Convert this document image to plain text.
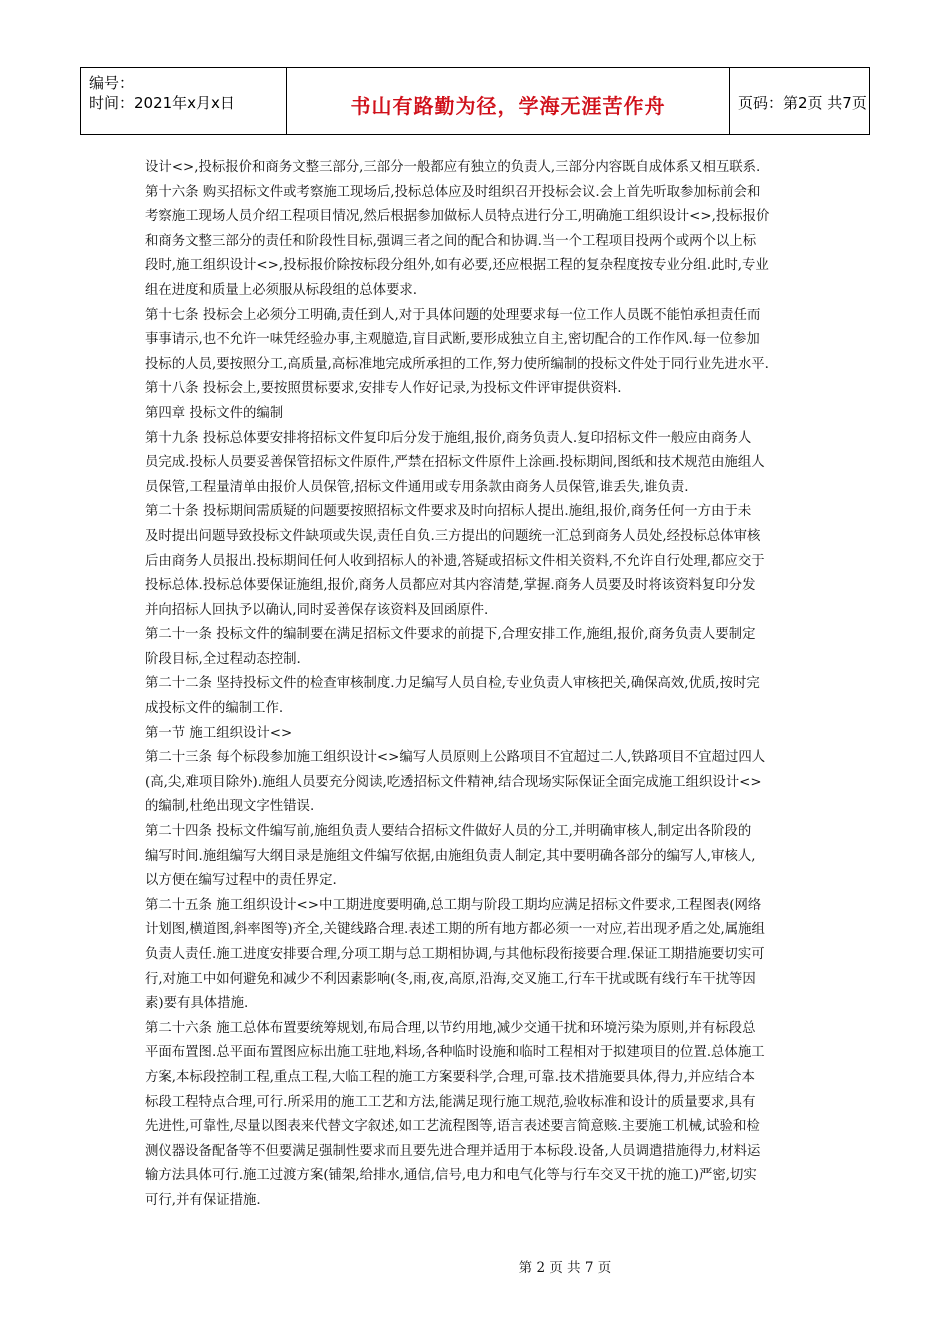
编号：
时间：2021年x月x日	书山有路勤为径，学海无涯苦作舟	页码：第2页 共7页
设计<>,投标报价和商务文整三部分,三部分一般都应有独立的负责人,三部分内容既自成体系又相互联系.
第十六条 购买招标文件或考察施工现场后,投标总体应及时组织召开投标会议.会上首先听取参加标前会和
考察施工现场人员介绍工程项目情况,然后根据参加做标人员特点进行分工,明确施工组织设计<>,投标报价
和商务文整三部分的责任和阶段性目标,强调三者之间的配合和协调.当一个工程项目投两个或两个以上标
段时,施工组织设计<>,投标报价除按标段分组外,如有必要,还应根据工程的复杂程度按专业分组.此时,专业
组在进度和质量上必须服从标段组的总体要求.
第十七条 投标会上必须分工明确,责任到人,对于具体问题的处理要求每一位工作人员既不能怕承担责任而
事事请示,也不允许一味凭经验办事,主观臆造,盲目武断,要形成独立自主,密切配合的工作作风.每一位参加
投标的人员,要按照分工,高质量,高标准地完成所承担的工作,努力使所编制的投标文件处于同行业先进水平.
第十八条 投标会上,要按照贯标要求,安排专人作好记录,为投标文件评审提供资料.
第四章 投标文件的编制
第十九条 投标总体要安排将招标文件复印后分发于施组,报价,商务负责人.复印招标文件一般应由商务人
员完成.投标人员要妥善保管招标文件原件,严禁在招标文件原件上涂画.投标期间,图纸和技术规范由施组人
员保管,工程量清单由报价人员保管,招标文件通用或专用条款由商务人员保管,谁丢失,谁负责.
第二十条 投标期间需质疑的问题要按照招标文件要求及时向招标人提出.施组,报价,商务任何一方由于未
及时提出问题导致投标文件缺项或失误,责任自负.三方提出的问题统一汇总到商务人员处,经投标总体审核
后由商务人员报出.投标期间任何人收到招标人的补遗,答疑或招标文件相关资料,不允许自行处理,都应交于
投标总体.投标总体要保证施组,报价,商务人员都应对其内容清楚,掌握.商务人员要及时将该资料复印分发
并向招标人回执予以确认,同时妥善保存该资料及回函原件.
第二十一条 投标文件的编制要在满足招标文件要求的前提下,合理安排工作,施组,报价,商务负责人要制定
阶段目标,全过程动态控制.
第二十二条 坚持投标文件的检查审核制度.力足编写人员自检,专业负责人审核把关,确保高效,优质,按时完
成投标文件的编制工作.
第一节 施工组织设计<>
第二十三条 每个标段参加施工组织设计<>编写人员原则上公路项目不宜超过二人,铁路项目不宜超过四人
(高,尖,难项目除外).施组人员要充分阅读,吃透招标文件精神,结合现场实际保证全面完成施工组织设计<>
的编制,杜绝出现文字性错误.
第二十四条 投标文件编写前,施组负责人要结合招标文件做好人员的分工,并明确审核人,制定出各阶段的
编写时间.施组编写大纲目录是施组文件编写依据,由施组负责人制定,其中要明确各部分的编写人,审核人,
以方便在编写过程中的责任界定.
第二十五条 施工组织设计<>中工期进度要明确,总工期与阶段工期均应满足招标文件要求,工程图表(网络
计划图,横道图,斜率图等)齐全,关键线路合理.表述工期的所有地方都必须一一对应,若出现矛盾之处,属施组
负责人责任.施工进度安排要合理,分项工期与总工期相协调,与其他标段衔接要合理.保证工期措施要切实可
行,对施工中如何避免和减少不利因素影响(冬,雨,夜,高原,沿海,交叉施工,行车干扰或既有线行车干扰等因
素)要有具体措施.
第二十六条 施工总体布置要统筹规划,布局合理,以节约用地,减少交通干扰和环境污染为原则,并有标段总
平面布置图.总平面布置图应标出施工驻地,料场,各种临时设施和临时工程相对于拟建项目的位置.总体施工
方案,本标段控制工程,重点工程,大临工程的施工方案要科学,合理,可靠.技术措施要具体,得力,并应结合本
标段工程特点合理,可行.所采用的施工工艺和方法,能满足现行施工规范,验收标准和设计的质量要求,具有
先进性,可靠性,尽量以图表来代替文字叙述,如工艺流程图等,语言表述要言简意赅.主要施工机械,试验和检
测仪器设备配备等不但要满足强制性要求而且要先进合理并适用于本标段.设备,人员调遣措施得力,材料运
输方法具体可行.施工过渡方案(铺架,给排水,通信,信号,电力和电气化等与行车交叉干扰的施工)严密,切实
可行,并有保证措施.
第 2 页 共 7 页
